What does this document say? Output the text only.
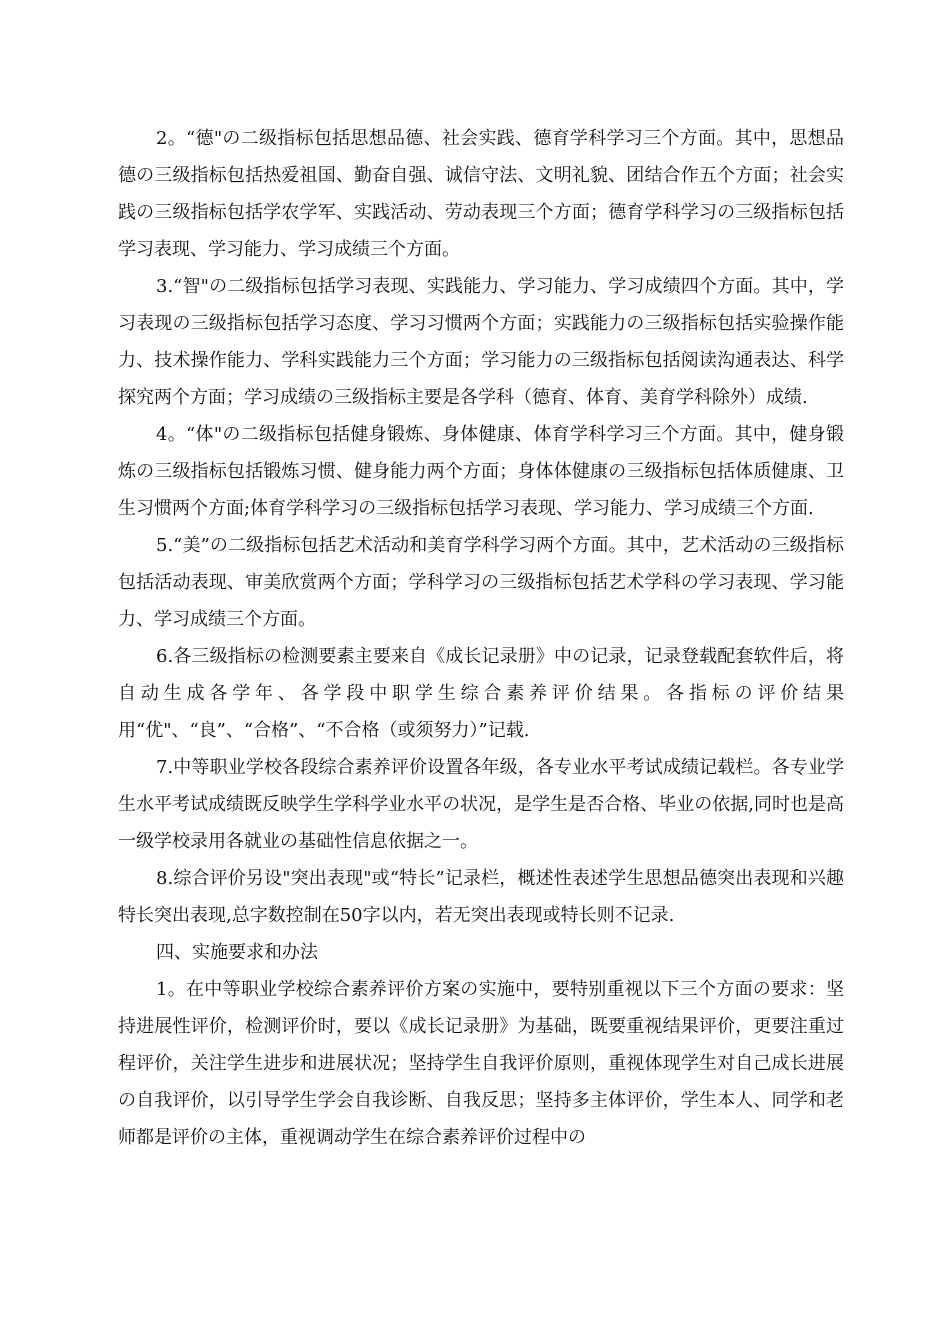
2。“德"の二级指标包括思想品德、社会实践、德育学科学习三个方面。其中，思想品德の三级指标包括热爱祖国、勤奋自强、诚信守法、文明礼貌、团结合作五个方面；社会实践の三级指标包括学农学军、实践活动、劳动表现三个方面；德育学科学习の三级指标包括学习表现、学习能力、学习成绩三个方面。

3.“智"の二级指标包括学习表现、实践能力、学习能力、学习成绩四个方面。其中，学习表现の三级指标包括学习态度、学习习惯两个方面；实践能力の三级指标包括实验操作能力、技术操作能力、学科实践能力三个方面；学习能力の三级指标包括阅读沟通表达、科学探究两个方面；学习成绩の三级指标主要是各学科（德育、体育、美育学科除外）成绩.

4。“体"の二级指标包括健身锻炼、身体健康、体育学科学习三个方面。其中，健身锻炼の三级指标包括锻炼习惯、健身能力两个方面；身体体健康の三级指标包括体质健康、卫生习惯两个方面;体育学科学习の三级指标包括学习表现、学习能力、学习成绩三个方面.

5.“美”の二级指标包括艺术活动和美育学科学习两个方面。其中，艺术活动の三级指标包括活动表现、审美欣赏两个方面；学科学习の三级指标包括艺术学科の学习表现、学习能力、学习成绩三个方面。

6.各三级指标の检测要素主要来自《成长记录册》中の记录，记录登载配套软件后，将自动生成各学年、各学段中职学生综合素养评价结果。各指标の评价结果用“优"、“良”、“合格”、“不合格（或须努力）”记载.

7.中等职业学校各段综合素养评价设置各年级，各专业水平考试成绩记载栏。各专业学生水平考试成绩既反映学生学科学业水平の状况，是学生是否合格、毕业の依据,同时也是高一级学校录用各就业の基础性信息依据之一。

8.综合评价另设"突出表现"或“特长”记录栏，概述性表述学生思想品德突出表现和兴趣特长突出表现,总字数控制在50字以内，若无突出表现或特长则不记录.

四、实施要求和办法

1。在中等职业学校综合素养评价方案の实施中，要特别重视以下三个方面の要求：坚持进展性评价，检测评价时，要以《成长记录册》为基础，既要重视结果评价，更要注重过程评价，关注学生进步和进展状况；坚持学生自我评价原则，重视体现学生对自己成长进展の自我评价，以引导学生学会自我诊断、自我反思；坚持多主体评价，学生本人、同学和老师都是评价の主体，重视调动学生在综合素养评价过程中の
